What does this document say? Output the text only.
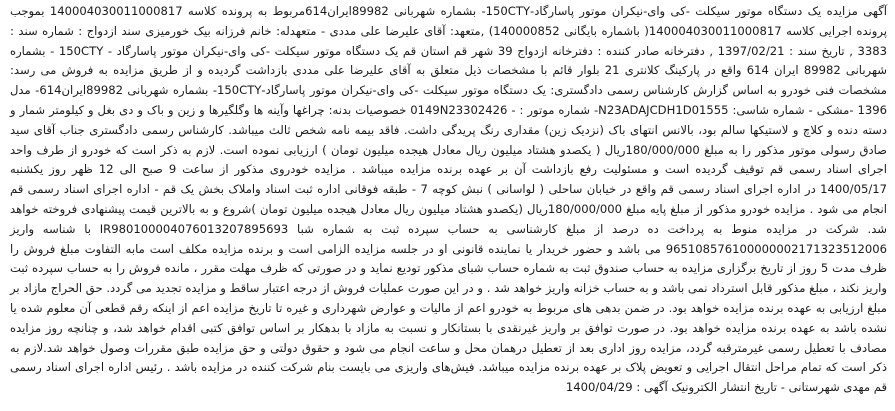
آگهی مزایده یک دستگاه موتور سیکلت -کی وای-نیکران موتور پاسارگاد-150CTY- بشماره شهربانی 89982ایران614مربوط به پرونده کلاسه 140004030011000817 بموجب پرونده اجرایی کلاسه 140004030011000817( باشماره بایگانی 140000852) ,متعهد: آقای علیرضا علی مددی - متعهدله: خانم فرزانه بیک خورمیزی سند ازدواج : شماره سند : 3383 , تاریخ سند : 1397/02/21 , دفترخانه صادر کننده : دفترخانه ازدواج 39 شهر قم استان قم یک دستگاه موتور سیکلت -کی وای-نیکران موتور پاسارگاد - 150CTY - بشماره شهربانی 89982 ایران 614 واقع در پارکینگ کلانتری 21 بلوار قائم با مشخصات ذیل متعلق به آقای علیرضا علی مددی بازداشت گردیده و از طریق مزایده به فروش می رسد: مشخصات فنی خودرو به اساس گزارش کارشناس رسمی دادگستری: یک دستگاه موتور سیکلت -کی وای-نیکران موتور پاسارگاد-150CTY- بشماره شهربانی 89982ایران614- مدل 1396 -مشکی - شماره شاسی: N23ADAJCDH1D01555- شماره موتور : - 0149N23302426 خصوصیات بدنه: چراغها وآینه ها وگلگیرها و زین و باک و دی بغل و کیلومتر شمار و دسته دنده و کلاچ و لاستیکها سالم بود، بالانس انتهای باک (نزدیک زین) مقداری رنگ پریدگی داشت. فاقد بیمه نامه شخص ثالث میباشد. کارشناس رسمی دادگستری جناب آقای سید صادق رسولی موتور مذکور را به مبلغ 180/000/000ریال ( یکصدو هشتاد میلیون ریال معادل هیجده میلیون تومان ) ارزیابی نموده است. لازم به ذکر است که خودرو از طرف واحد اجرای اسناد رسمی قم توقیف گردیده است و مسئولیت رفع بازداشت آن بر عهده برنده مزایده میباشد . مزایده خودروی مذکور از ساعت 9 صبح الی 12 ظهر روز یکشنبه 1400/05/17 در اداره اجرای اسناد رسمی قم واقع در خیابان ساحلی ( لواسانی ) نبش کوچه 7 - طبقه فوقانی اداره ثبت اسناد واملاک بخش یک قم - اداره اجرای اسناد رسمی قم انجام می شود . مزایده خودرو مذکور از مبلغ پایه مبلغ 180/000/000ریال (یکصدو هشتاد میلیون ریال معادل هیجده میلیون تومان )شروع و به بالاترین قیمت پیشنهادی فروخته خواهد شد. شرکت در مزایده منوط به پرداخت ده درصد از مبلغ کارشناسی به حساب سپرده ثبت به شماره شبا IR980100004076013207895693 با شناسه واریز 965108576100000002171323512006 می باشد و حضور خریدار یا نماینده قانونی او در جلسه مزایده الزامی است و برنده مزایده مکلف است مابه التفاوت مبلغ فروش را ظرف مدت 5 روز از تاریخ برگزاری مزایده به حساب صندوق ثبت به شماره حساب شبای مذکور تودیع نماید و در صورتی که ظرف مهلت مقرر ، مانده فروش را به حساب سپرده ثبت واریز نکند ، مبلغ مذکور قابل استرداد نمی باشد و به حساب خزانه واریز خواهد شد . و در این صورت عملیات فروش از درجه اعتبار ساقط و مزایده تجدید می گردد. حق الحراج مازاد بر مبلغ ارزیابی به عهده برنده مزایده خواهد بود. در ضمن بدهی های مربوط به خودرو اعم از مالیات و عوارض شهرداری و غیره تا تاریخ مزایده اعم از اینکه رقم قطعی آن معلوم شده یا نشده باشد به عهده برنده مزایده خواهد بود. در صورت توافق بر واریز غیرنقدی با بستانکار و نسبت به مازاد با بدهکار بر اساس توافق کتبی اقدام خواهد شد، و چنانچه روز مزایده مصادف با تعطیل رسمی غیرمترقبه گردد، مزایده روز اداری بعد از تعطیل درهمان محل و ساعت انجام می شود و حقوق دولتی و حق مزایده طبق مقررات وصول خواهد شد.لازم به ذکر است که تمام مراحل انتقال اجرایی و تعویض پلاک بر عهده برنده مزایده میباشد. فیش‌های واریزی می بایست بنام شرکت کننده در مزایده باشد . رئیس اداره اجرای اسناد رسمی قم مهدی شهرستانی - تاریخ انتشار الکترونیک آگهی : 1400/04/29
